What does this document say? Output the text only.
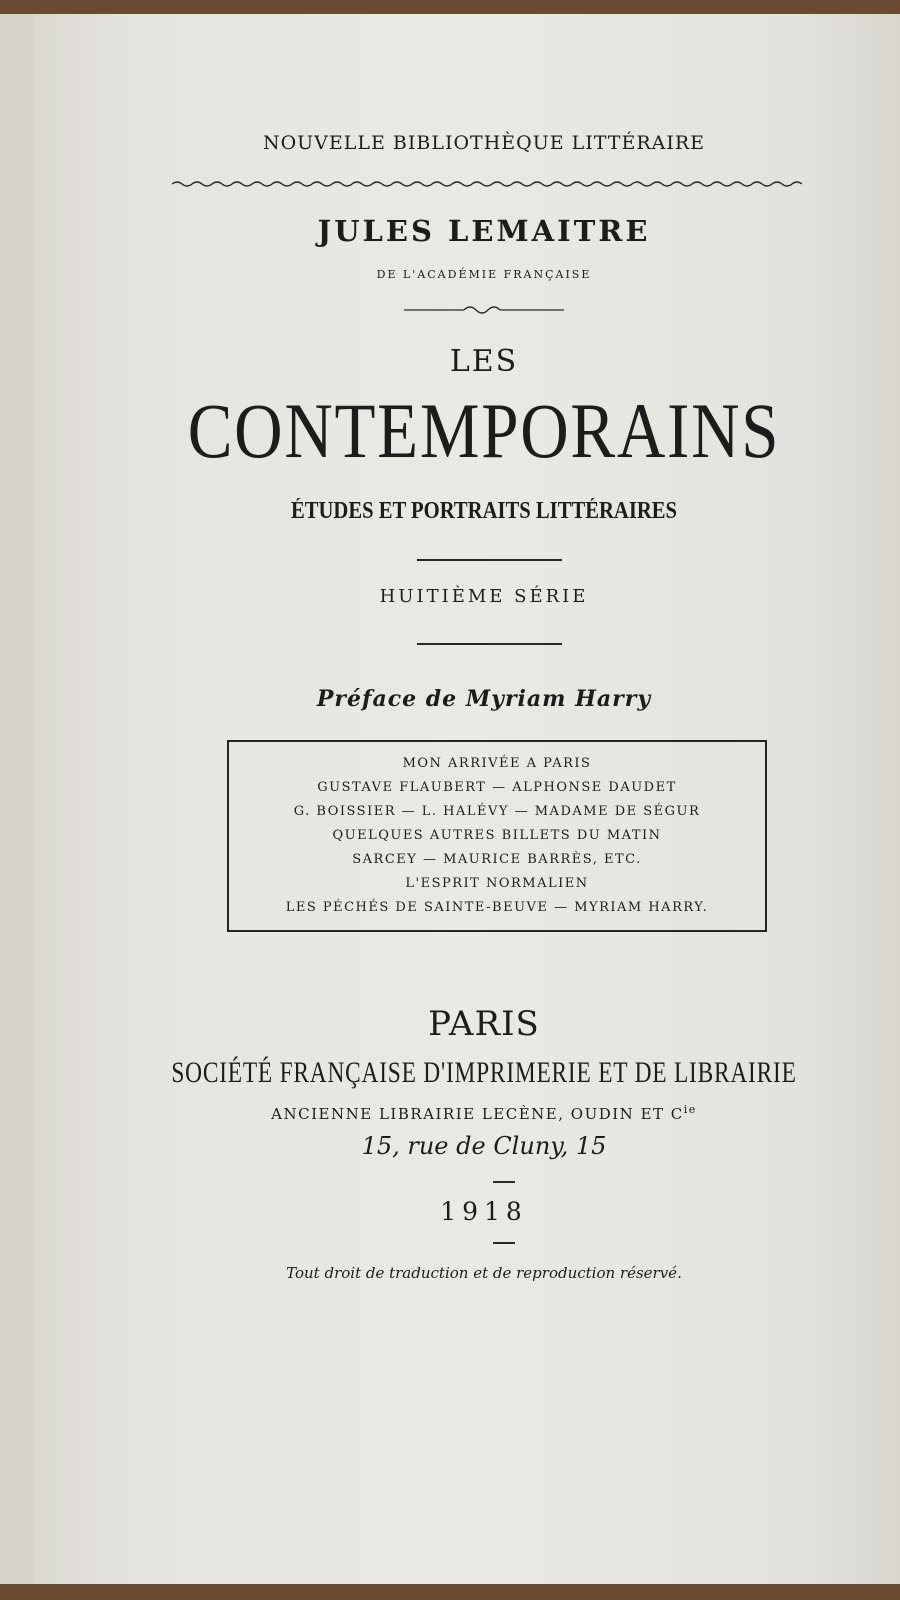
NOUVELLE BIBLIOTHÈQUE LITTÉRAIRE
JULES LEMAITRE
DE L'ACADÉMIE FRANÇAISE
LES
CONTEMPORAINS
ÉTUDES ET PORTRAITS LITTÉRAIRES
HUITIÈME SÉRIE
Préface de Myriam Harry
MON ARRIVÉE A PARIS
GUSTAVE FLAUBERT — ALPHONSE DAUDET
G. BOISSIER — L. HALÉVY — MADAME DE SÉGUR
QUELQUES AUTRES BILLETS DU MATIN
SARCEY — MAURICE BARRÈS, ETC.
L'ESPRIT NORMALIEN
LES PÉCHÉS DE SAINTE-BEUVE — MYRIAM HARRY.
PARIS
SOCIÉTÉ FRANÇAISE D'IMPRIMERIE ET DE LIBRAIRIE
ANCIENNE LIBRAIRIE LECÈNE, OUDIN ET $C^{ie}$
15, rue de Cluny, 15
1918
Tout droit de traduction et de reproduction réservé.
